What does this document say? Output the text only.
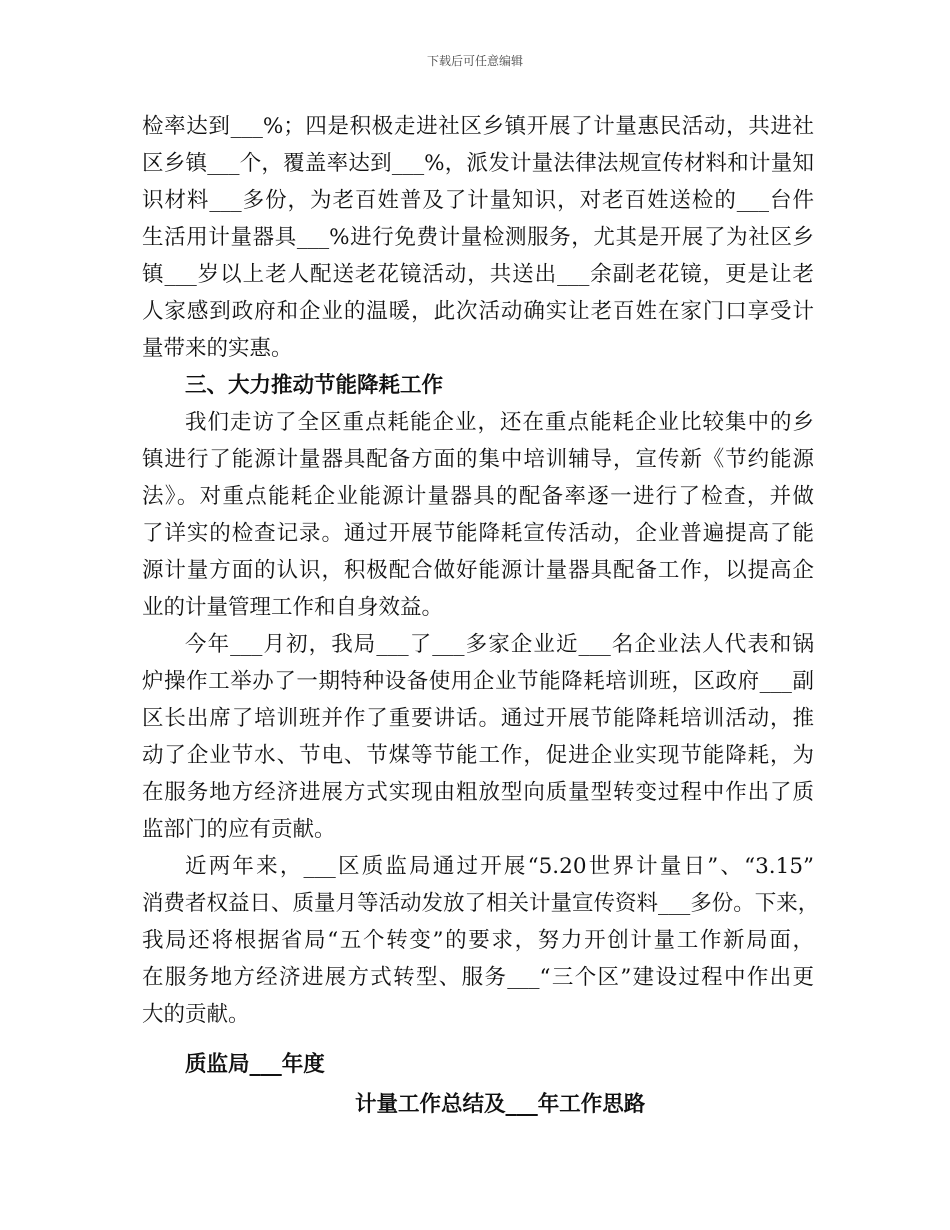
下载后可任意编辑
检率达到___%；四是积极走进社区乡镇开展了计量惠民活动，共进社
区乡镇___个，覆盖率达到___%，派发计量法律法规宣传材料和计量知
识材料___多份，为老百姓普及了计量知识，对老百姓送检的___台件
生活用计量器具___%进行免费计量检测服务，尤其是开展了为社区乡
镇___岁以上老人配送老花镜活动，共送出___余副老花镜，更是让老
人家感到政府和企业的温暖，此次活动确实让老百姓在家门口享受计
量带来的实惠。
三、大力推动节能降耗工作
我们走访了全区重点耗能企业，还在重点能耗企业比较集中的乡
镇进行了能源计量器具配备方面的集中培训辅导，宣传新《节约能源
法》。对重点能耗企业能源计量器具的配备率逐一进行了检查，并做
了详实的检查记录。通过开展节能降耗宣传活动，企业普遍提高了能
源计量方面的认识，积极配合做好能源计量器具配备工作，以提高企
业的计量管理工作和自身效益。
今年___月初，我局___了___多家企业近___名企业法人代表和锅
炉操作工举办了一期特种设备使用企业节能降耗培训班，区政府___副
区长出席了培训班并作了重要讲话。通过开展节能降耗培训活动，推
动了企业节水、节电、节煤等节能工作，促进企业实现节能降耗，为
在服务地方经济进展方式实现由粗放型向质量型转变过程中作出了质
监部门的应有贡献。
近两年来，___区质监局通过开展“5.20世界计量日”、“3.15”
消费者权益日、质量月等活动发放了相关计量宣传资料___多份。下来，
我局还将根据省局“五个转变”的要求，努力开创计量工作新局面，
在服务地方经济进展方式转型、服务___“三个区”建设过程中作出更
大的贡献。
质监局___年度
计量工作总结及___年工作思路
